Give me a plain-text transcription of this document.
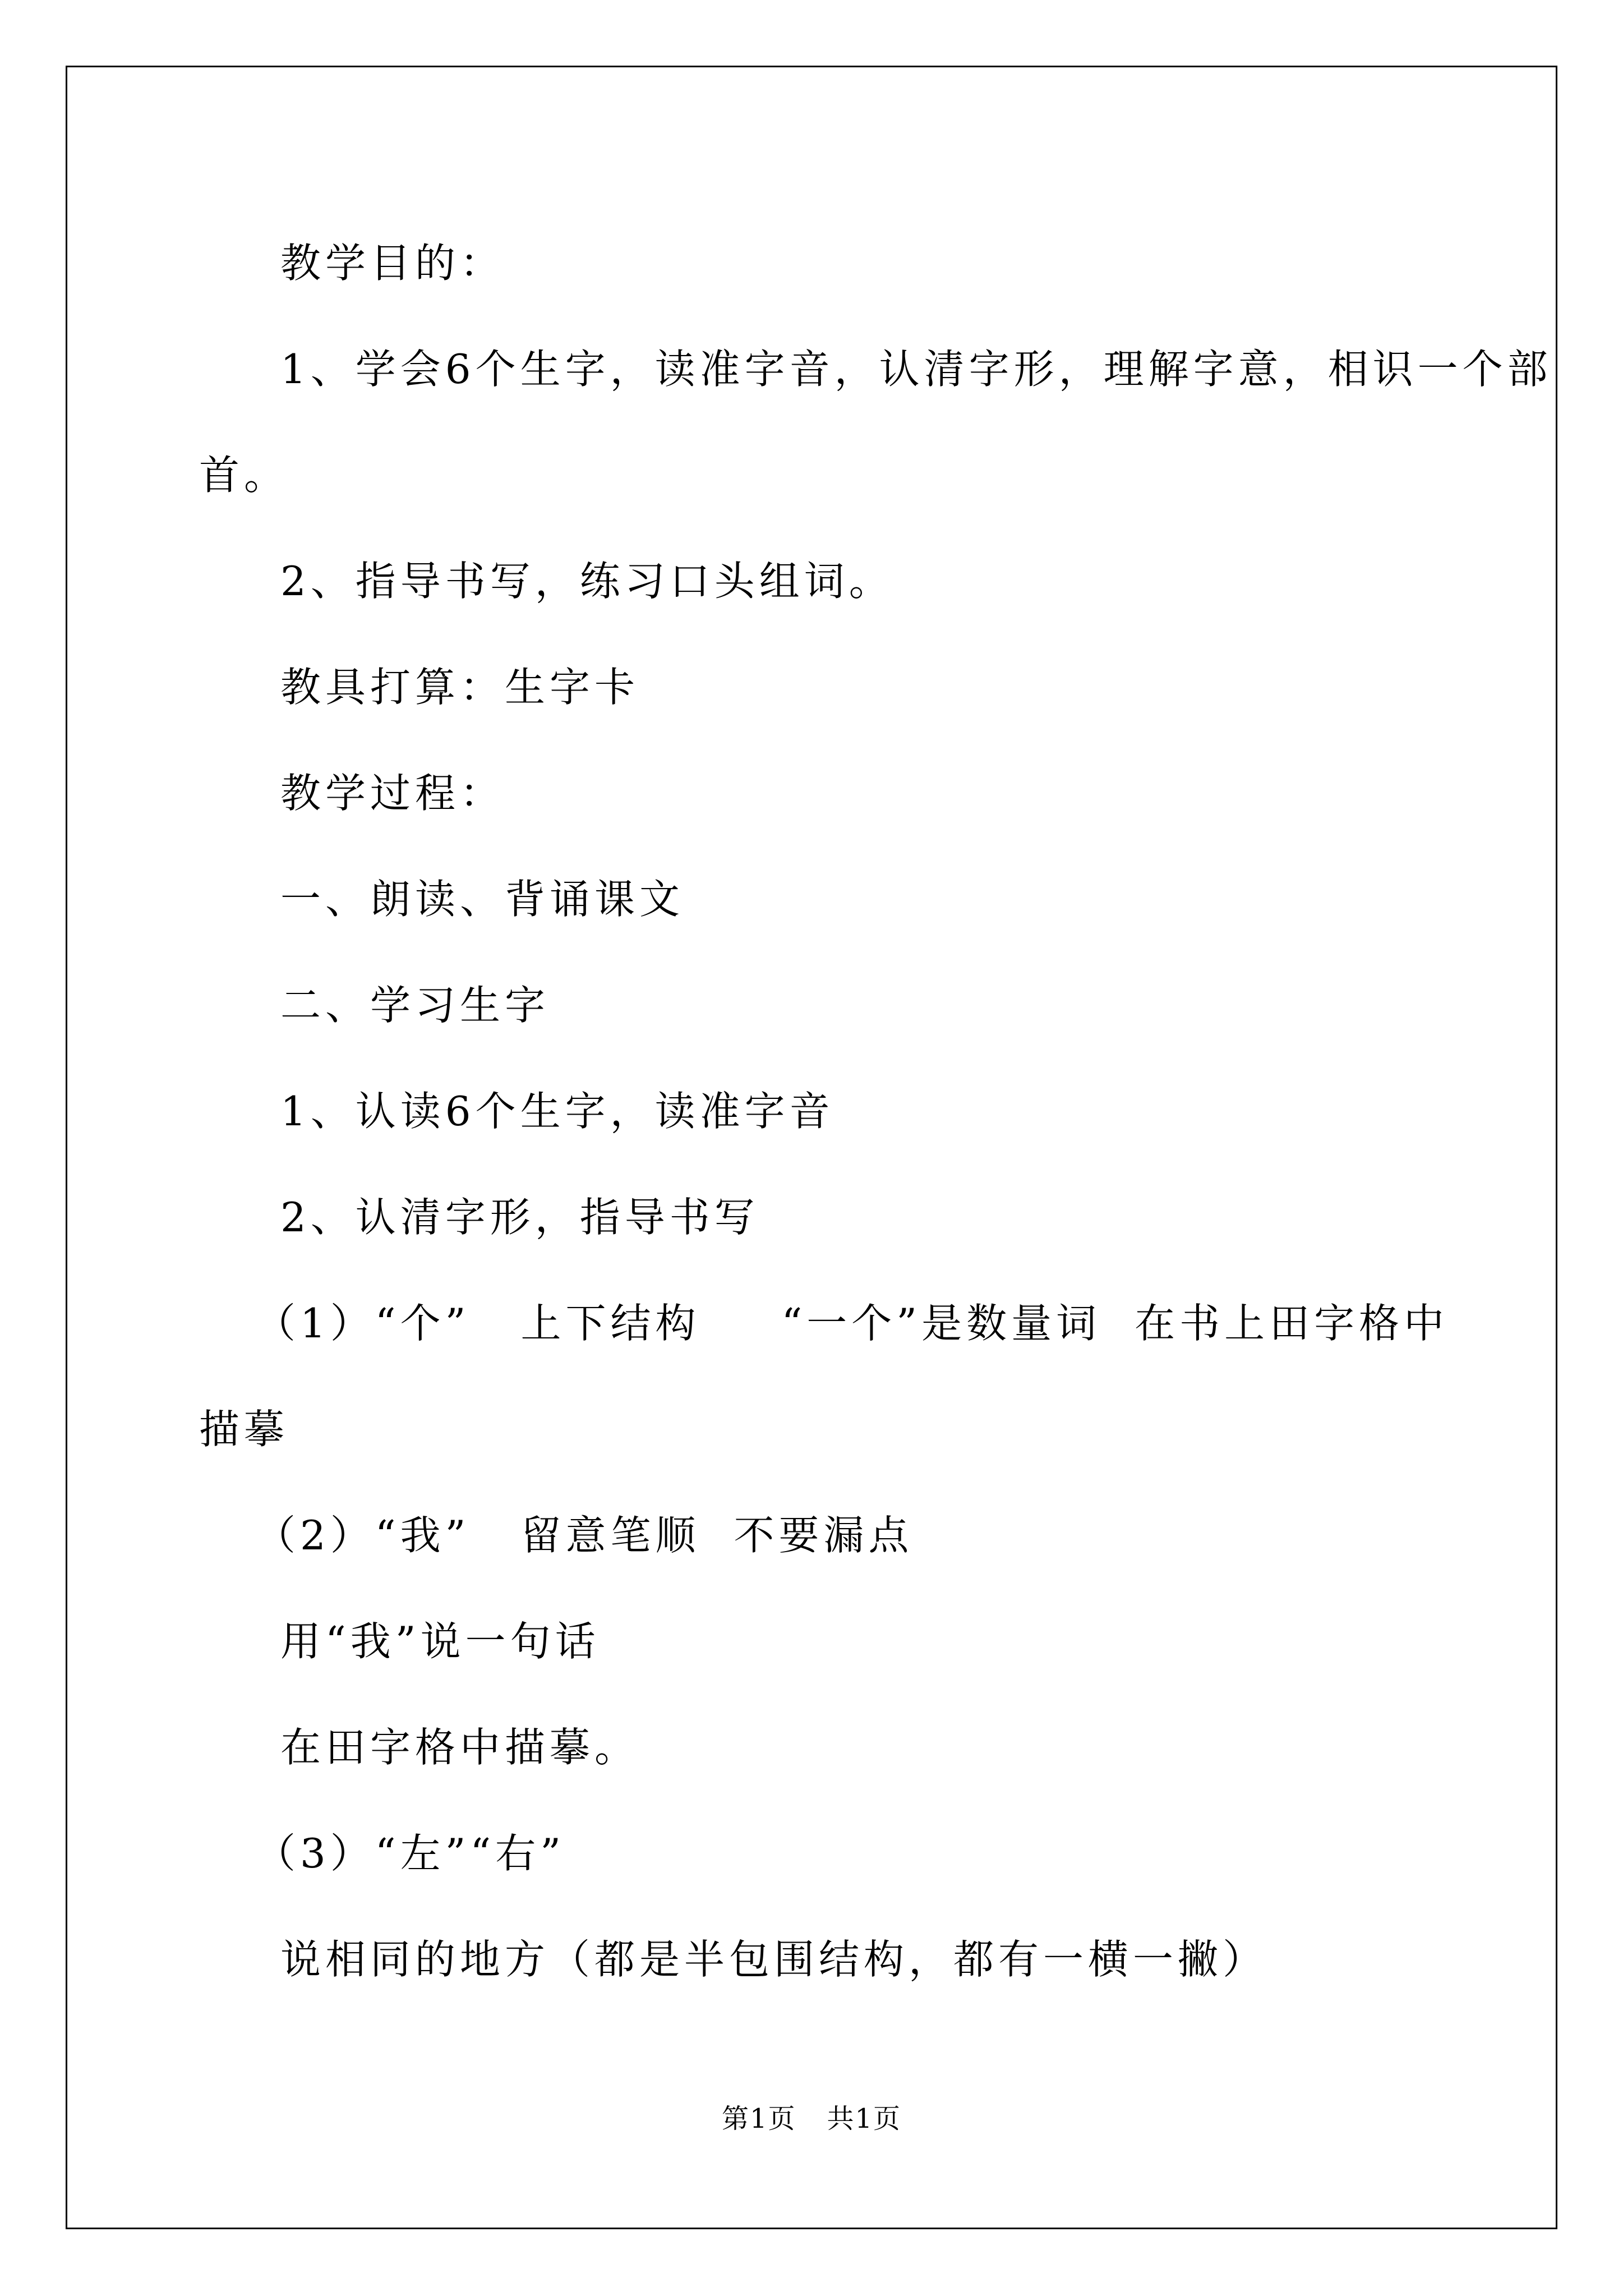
教学目的：
1、学会6个生字，读准字音，认清字形，理解字意，相识一个部
首。
2、指导书写，练习口头组词。
教具打算：生字卡
教学过程：
一、朗读、背诵课文
二、学习生字
1、认读6个生字，读准字音
2、认清字形，指导书写
（1）“个” 上下结构 “一个”是数量词 在书上田字格中
描摹
（2）“我” 留意笔顺 不要漏点
用“我”说一句话
在田字格中描摹。
（3）“左”“右”
说相同的地方（都是半包围结构，都有一横一撇）
第1页 共1页
